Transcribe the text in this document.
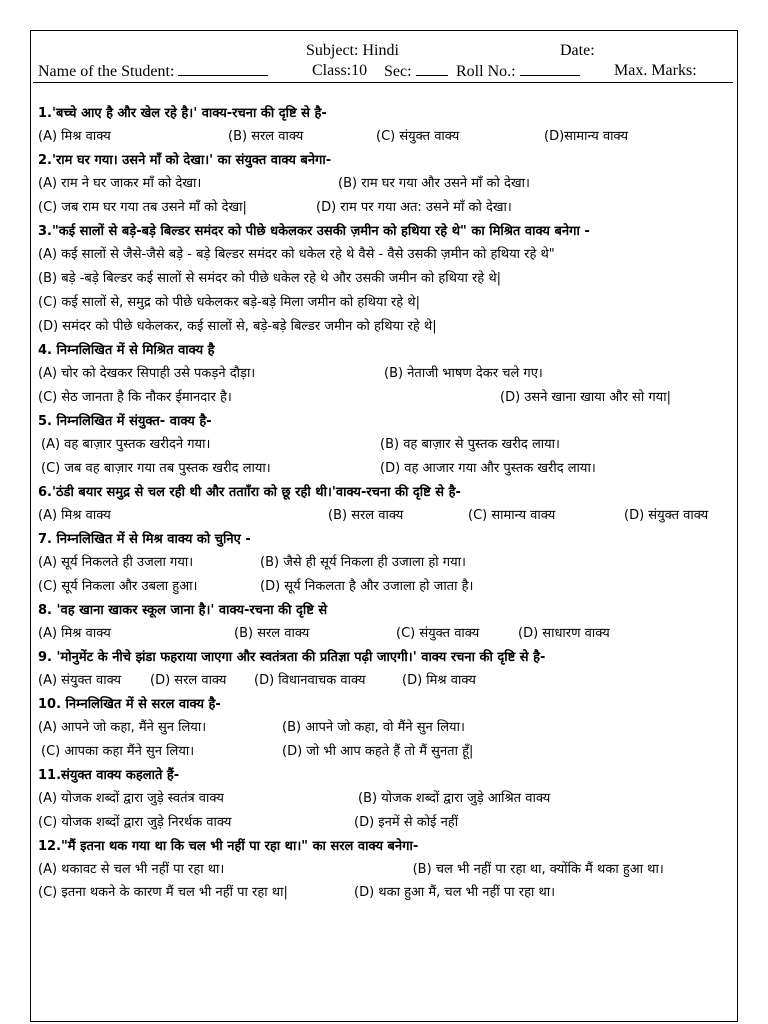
Subject: Hindi	Date:
Name of the Student:	Class:10 Sec:	Roll No.:	Max. Marks:
1.'बच्चे आए है और खेल रहे है।' वाक्य-रचना की दृष्टि से है-
(A) मिश्र वाक्य	(B) सरल वाक्य	(C) संयुक्त वाक्य	(D)सामान्य वाक्य
2.'राम घर गया। उसने माँ को देखा।' का संयुक्त वाक्य बनेगा-
(A) राम ने घर जाकर माँ को देखा।	(B) राम घर गया और उसने माँ को देखा।
(C) जब राम घर गया तब उसने माँ को देखा|	(D) राम पर गया अत: उसने माँ को देखा।
3."कई सालों से बड़े-बड़े बिल्डर समंदर को पीछे धकेलकर उसकी ज़मीन को हथिया रहे थे" का मिश्रित वाक्य बनेगा -
(A) कई सालों से जैसे-जैसे बड़े - बड़े बिल्डर समंदर को धकेल रहे थे वैसे - वैसे उसकी ज़मीन को हथिया रहे थे"
(B) बड़े -बड़े बिल्डर कई सालों से समंदर को पीछे धकेल रहे थे और उसकी जमीन को हथिया रहे थे|
(C) कई सालों से, समुद्र को पीछे धकेलकर बड़े-बड़े मिला जमीन को हथिया रहे थे|
(D) समंदर को पीछे धकेलकर, कई सालों से, बड़े-बड़े बिल्डर जमीन को हथिया रहे थे|
4. निम्नलिखित में से मिश्रित वाक्य है
(A) चोर को देखकर सिपाही उसे पकड़ने दौड़ा।	(B) नेताजी भाषण देकर चले गए।
(C) सेठ जानता है कि नौकर ईमानदार है।	(D) उसने खाना खाया और सो गया|
5. निम्नलिखित में संयुक्त- वाक्य है-
(A) वह बाज़ार पुस्तक खरीदने गया।	(B) वह बाज़ार से पुस्तक खरीद लाया।
(C) जब वह बाज़ार गया तब पुस्तक खरीद लाया।	(D) वह आजार गया और पुस्तक खरीद लाया।
6.'ठंडी बयार समुद्र से चल रही थी और ततााँरा को छू रही थी।'वाक्य-रचना की दृष्टि से है-
(A) मिश्र वाक्य	(B) सरल वाक्य	(C) सामान्य वाक्य	(D) संयुक्त वाक्य
7. निम्नलिखित में से मिश्र वाक्य को चुनिए -
(A) सूर्य निकलते ही उजला गया।	(B) जैसे ही सूर्य निकला ही उजाला हो गया।
(C) सूर्य निकला और उबला हुआ।	(D) सूर्य निकलता है और उजाला हो जाता है।
8. 'वह खाना खाकर स्कूल जाना है।' वाक्य-रचना की दृष्टि से
(A) मिश्र वाक्य	(B) सरल वाक्य	(C) संयुक्त वाक्य	(D) साधारण वाक्य
9. 'मोनुमेंट के नीचे झंडा फहराया जाएगा और स्वतंत्रता की प्रतिज्ञा पढ़ी जाएगी।' वाक्य रचना की दृष्टि से है-
(A) संयुक्त वाक्य (D) सरल वाक्य (D) विधानवाचक वाक्य	(D) मिश्र वाक्य
10. निम्नलिखित में से सरल वाक्य है-
(A) आपने जो कहा, मैंने सुन लिया।	(B) आपने जो कहा, वो मैंने सुन लिया।
(C) आपका कहा मैंने सुन लिया।	(D) जो भी आप कहते हैं तो मैं सुनता हूँ|
11.संयुक्त वाक्य कहलाते हैं-
(A) योजक शब्दों द्वारा जुड़े स्वतंत्र वाक्य	(B) योजक शब्दों द्वारा जुड़े आश्रित वाक्य
(C) योजक शब्दों द्वारा जुड़े निरर्थक वाक्य	(D) इनमें से कोई नहीं
12."मैं इतना थक गया था कि चल भी नहीं पा रहा था।" का सरल वाक्य बनेगा-
(A) थकावट से चल भी नहीं पा रहा था।	(B) चल भी नहीं पा रहा था, क्योंकि मैं थका हुआ था।
(C) इतना थकने के कारण मैं चल भी नहीं पा रहा था|	(D) थका हुआ मैं, चल भी नहीं पा रहा था।
